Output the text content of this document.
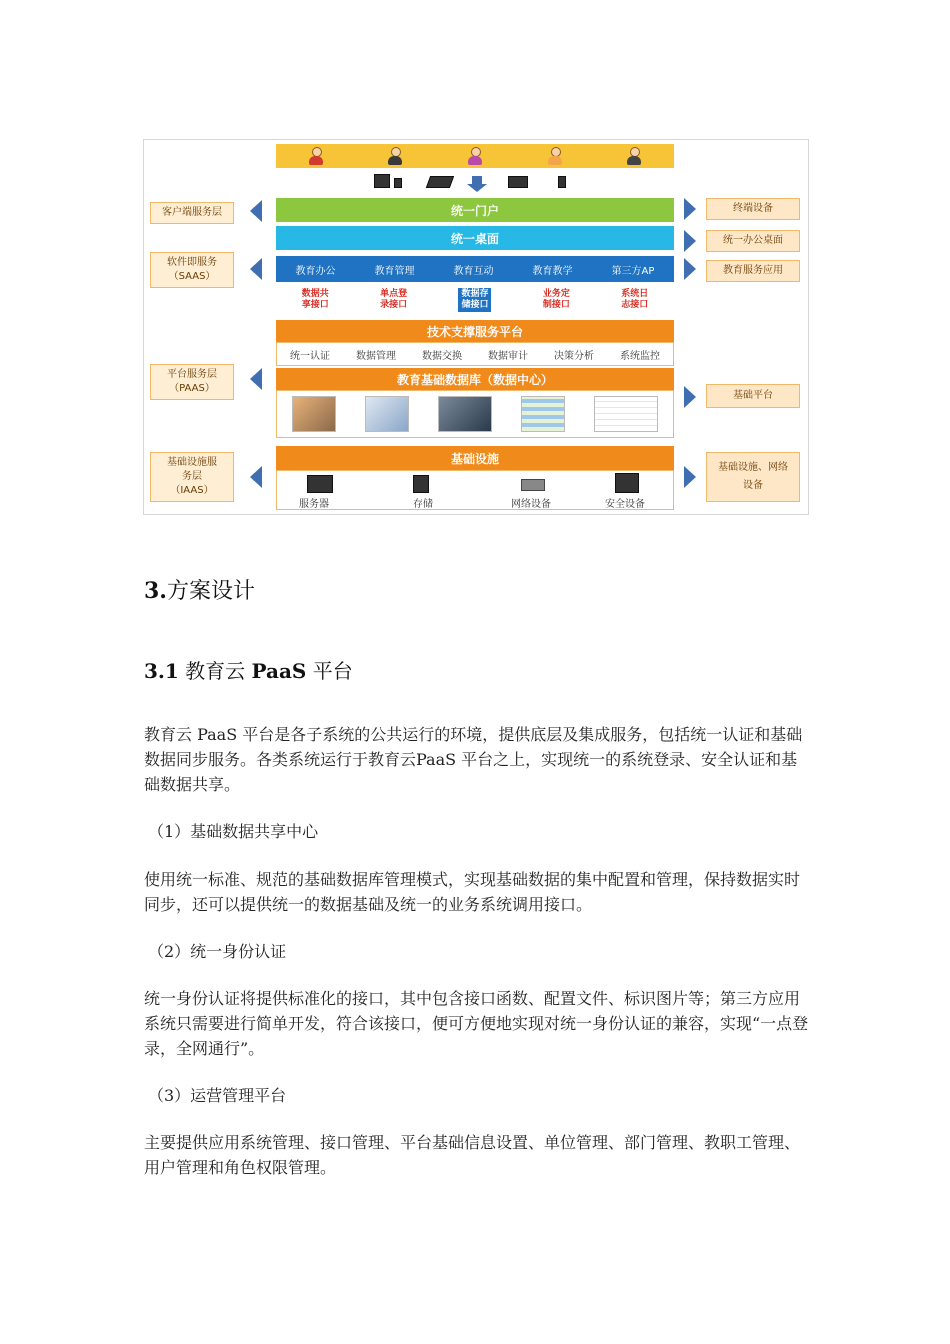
客户端服务层
软件即服务
（SAAS）
平台服务层
（PAAS）
基础设施服
务层
（IAAS）
终端设备
统一办公桌面
教育服务应用
基础平台
基础设施、网络
设备
统一门户
统一桌面
教育办公	教育管理	教育互动	教育教学	第三方AP
数据共
享接口
单点登
录接口
数据存
储接口
业务定
制接口
系统日
志接口
技术支撑服务平台
统一认证	数据管理	数据交换	数据审计	决策分析	系统监控
教育基础数据库（数据中心）
基础设施
服务器	存储	网络设备	安全设备
3.方案设计
3.1 教育云 PaaS 平台
教育云 PaaS 平台是各子系统的公共运行的环境，提供底层及集成服务，包括统一认证和基础数据同步服务。各类系统运行于教育云PaaS 平台之上，实现统一的系统登录、安全认证和基础数据共享。
（1）基础数据共享中心
使用统一标准、规范的基础数据库管理模式，实现基础数据的集中配置和管理，保持数据实时同步，还可以提供统一的数据基础及统一的业务系统调用接口。
（2）统一身份认证
统一身份认证将提供标准化的接口，其中包含接口函数、配置文件、标识图片等；第三方应用系统只需要进行简单开发，符合该接口，便可方便地实现对统一身份认证的兼容，实现“一点登录，全网通行”。
（3）运营管理平台
主要提供应用系统管理、接口管理、平台基础信息设置、单位管理、部门管理、教职工管理、用户管理和角色权限管理。
